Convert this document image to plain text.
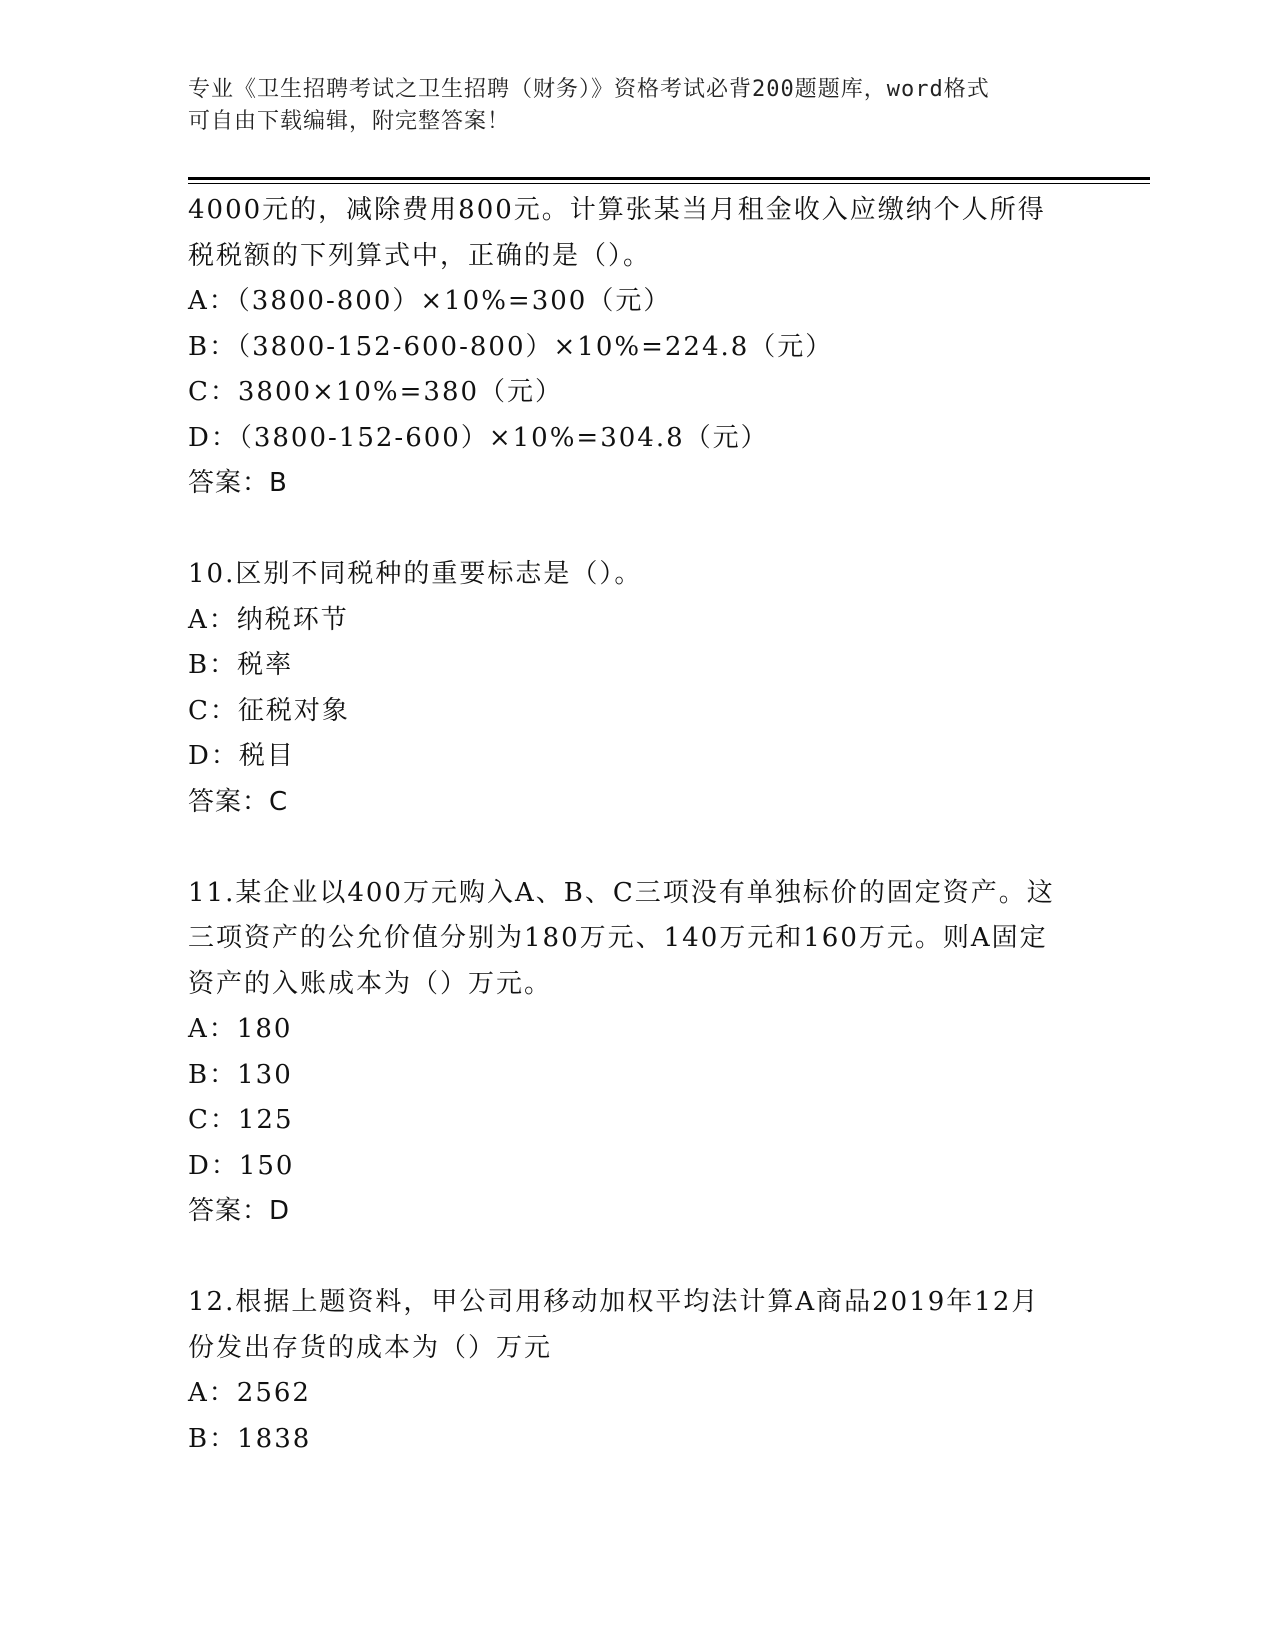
专业《卫生招聘考试之卫生招聘（财务）》资格考试必背200题题库，word格式
可自由下载编辑，附完整答案！
4000元的，减除费用800元。计算张某当月租金收入应缴纳个人所得
税税额的下列算式中，正确的是（）。
A：（3800-800）×10%=300（元）
B：（3800-152-600-800）×10%=224.8（元）
C：3800×10%=380（元）
D：（3800-152-600）×10%=304.8（元）
答案：B
10.区别不同税种的重要标志是（）。
A：纳税环节
B：税率
C：征税对象
D：税目
答案：C
11.某企业以400万元购入A、B、C三项没有单独标价的固定资产。这
三项资产的公允价值分别为180万元、140万元和160万元。则A固定
资产的入账成本为（）万元。
A：180
B：130
C：125
D：150
答案：D
12.根据上题资料，甲公司用移动加权平均法计算A商品2019年12月
份发出存货的成本为（）万元
A：2562
B：1838
